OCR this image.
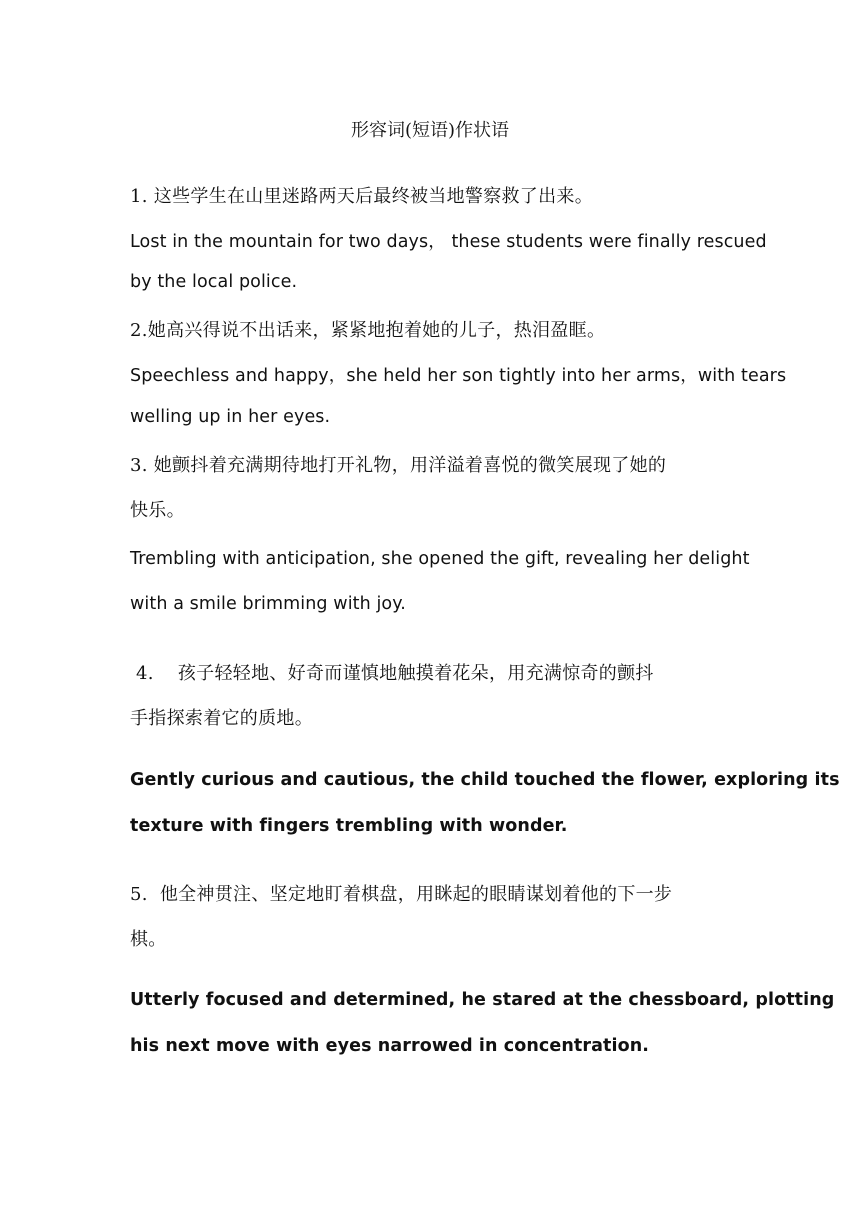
形容词(短语)作状语
1. 这些学生在山里迷路两天后最终被当地警察救了出来。
Lost in the mountain for two days， these students were finally rescued
by the local police.
2.她高兴得说不出话来，紧紧地抱着她的儿子，热泪盈眶。
Speechless and happy，she held her son tightly into her arms，with tears
welling up in her eyes.
3. 她颤抖着充满期待地打开礼物，用洋溢着喜悦的微笑展现了她的
快乐。
Trembling with anticipation, she opened the gift, revealing her delight
with a smile brimming with joy.
4.    孩子轻轻地、好奇而谨慎地触摸着花朵，用充满惊奇的颤抖
手指探索着它的质地。
Gently curious and cautious, the child touched the flower, exploring its
texture with fingers trembling with wonder.
5.  他全神贯注、坚定地盯着棋盘，用眯起的眼睛谋划着他的下一步
棋。
Utterly focused and determined, he stared at the chessboard, plotting
his next move with eyes narrowed in concentration.
